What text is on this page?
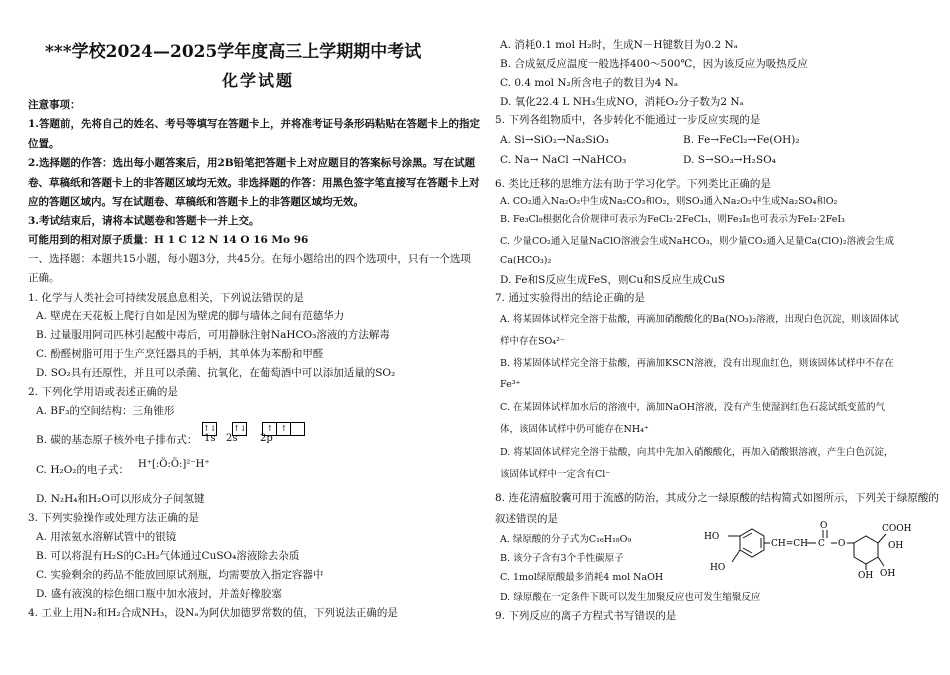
***学校2024—2025学年度高三上学期期中考试
化学试题
注意事项：
1.答题前，先将自己的姓名、考号等填写在答题卡上，并将准考证号条形码粘贴在答题卡上的指定
位置。
2.选择题的作答：选出每小题答案后，用2B铅笔把答题卡上对应题目的答案标号涂黑。写在试题
卷、草稿纸和答题卡上的非答题区域均无效。非选择题的作答：用黑色签字笔直接写在答题卡上对
应的答题区域内。写在试题卷、草稿纸和答题卡上的非答题区域均无效。
3.考试结束后，请将本试题卷和答题卡一并上交。
可能用到的相对原子质量：H 1 C 12 N 14 O 16 Mo 96
一、选择题：本题共15小题，每小题3分，共45分。在每小题给出的四个选项中，只有一个选项
正确。
1. 化学与人类社会可持续发展息息相关，下列说法错误的是
A. 壁虎在天花板上爬行自如是因为壁虎的脚与墙体之间有范德华力
B. 过量服用阿司匹林引起酸中毒后，可用静脉注射NaHCO₃溶液的方法解毒
C. 酚醛树脂可用于生产烹饪器具的手柄，其单体为苯酚和甲醛
D. SO₂具有还原性，并且可以杀菌、抗氧化，在葡萄酒中可以添加适量的SO₂
2. 下列化学用语或表述正确的是
A. BF₃的空间结构：三角锥形
B. 碳的基态原子核外电子排布式：
↑↓ ↑↓ ↑ ↑
1s 2s 2p
C. H₂O₂的电子式： H⁺[:Ö:Ö:]²⁻H⁺
D. N₂H₄和H₂O可以形成分子间氢键
3. 下列实验操作或处理方法正确的是
A. 用浓氨水溶解试管中的银镜
B. 可以将混有H₂S的C₂H₂气体通过CuSO₄溶液除去杂质
C. 实验剩余的药品不能放回原试剂瓶，均需要放入指定容器中
D. 盛有液溴的棕色细口瓶中加水液封，并盖好橡胶塞
4. 工业上用N₂和H₂合成NH₃，设Nₐ为阿伏加德罗常数的值，下列说法正确的是
A. 消耗0.1 mol H₂时，生成N－H键数目为0.2 Nₐ
B. 合成氨反应温度一般选择400～500℃，因为该反应为吸热反应
C. 0.4 mol N₂所含电子的数目为4 Nₐ
D. 氧化22.4 L NH₃生成NO，消耗O₂分子数为2 Nₐ
5. 下列各组物质中，各步转化不能通过一步反应实现的是
A. Si→SiO₂→Na₂SiO₃	B. Fe→FeCl₂→Fe(OH)₂
C. Na→ NaCl →NaHCO₃	D. S→SO₃→H₂SO₄
6. 类比迁移的思维方法有助于学习化学。下列类比正确的是
A. CO₂通入Na₂O₂中生成Na₂CO₃和O₂，则SO₃通入Na₂O₂中生成Na₂SO₄和O₂
B. Fe₃Cl₈根据化合价规律可表示为FeCl₂·2FeCl₃，则Fe₃I₈也可表示为FeI₂·2FeI₃
C. 少量CO₂通入足量NaClO溶液会生成NaHCO₃，则少量CO₂通入足量Ca(ClO)₂溶液会生成
Ca(HCO₃)₂
D. Fe和S反应生成FeS，则Cu和S反应生成CuS
7. 通过实验得出的结论正确的是
A. 将某固体试样完全溶于盐酸，再滴加硝酸酸化的Ba(NO₃)₂溶液，出现白色沉淀，则该固体试
样中存在SO₄²⁻
B. 将某固体试样完全溶于盐酸，再滴加KSCN溶液，没有出现血红色，则该固体试样中不存在
Fe³⁺
C. 在某固体试样加水后的溶液中，滴加NaOH溶液，没有产生使湿润红色石蕊试纸变蓝的气
体，该固体试样中仍可能存在NH₄⁺
D. 将某固体试样完全溶于盐酸，向其中先加入硝酸酸化，再加入硝酸银溶液，产生白色沉淀，
该固体试样中一定含有Cl⁻
8. 连花清瘟胶囊可用于流感的防治，其成分之一绿原酸的结构简式如图所示，下列关于绿原酸的
叙述错误的是
A. 绿原酸的分子式为C₁₆H₁₈O₉
B. 该分子含有3个手性碳原子
C. 1mol绿原酸最多消耗4 mol NaOH
D. 绿原酸在一定条件下既可以发生加聚反应也可发生缩聚反应
9. 下列反应的离子方程式书写错误的是
HO
HO
CH=CH C
O
O
COOH
OH
OH
OH
